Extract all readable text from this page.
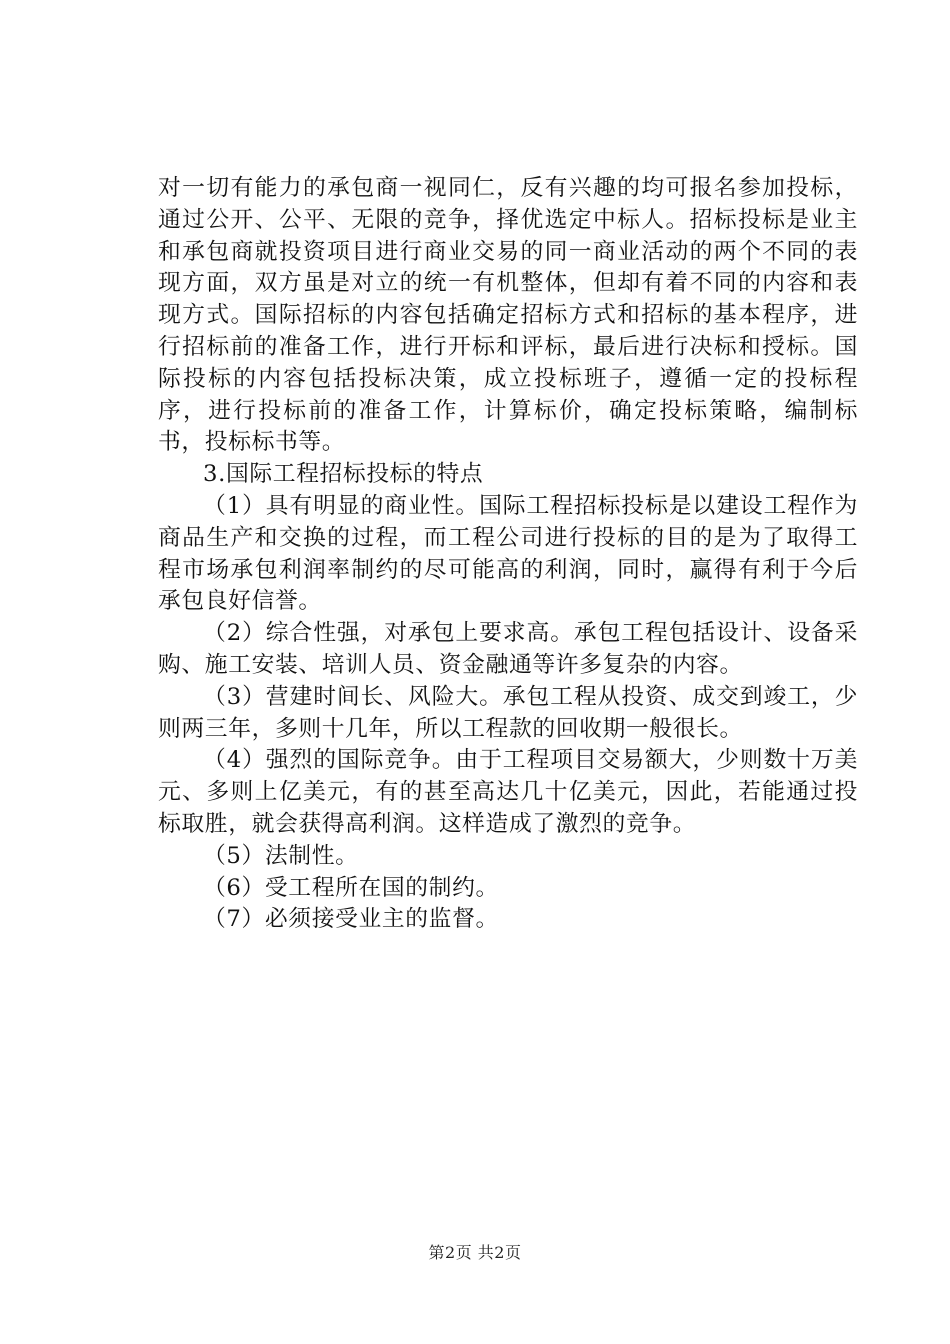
对一切有能力的承包商一视同仁，反有兴趣的均可报名参加投标，通过公开、公平、无限的竞争，择优选定中标人。招标投标是业主和承包商就投资项目进行商业交易的同一商业活动的两个不同的表现方面，双方虽是对立的统一有机整体，但却有着不同的内容和表现方式。国际招标的内容包括确定招标方式和招标的基本程序，进行招标前的准备工作，进行开标和评标，最后进行决标和授标。国际投标的内容包括投标决策，成立投标班子，遵循一定的投标程序，进行投标前的准备工作，计算标价，确定投标策略，编制标书，投标标书等。

3.国际工程招标投标的特点

（1）具有明显的商业性。国际工程招标投标是以建设工程作为商品生产和交换的过程，而工程公司进行投标的目的是为了取得工程市场承包利润率制约的尽可能高的利润，同时，赢得有利于今后承包良好信誉。

（2）综合性强，对承包上要求高。承包工程包括设计、设备采购、施工安装、培训人员、资金融通等许多复杂的内容。

（3）营建时间长、风险大。承包工程从投资、成交到竣工，少则两三年，多则十几年，所以工程款的回收期一般很长。

（4）强烈的国际竞争。由于工程项目交易额大，少则数十万美元、多则上亿美元，有的甚至高达几十亿美元，因此，若能通过投标取胜，就会获得高利润。这样造成了激烈的竞争。

（5）法制性。

（6）受工程所在国的制约。

（7）必须接受业主的监督。

第2页 共2页
